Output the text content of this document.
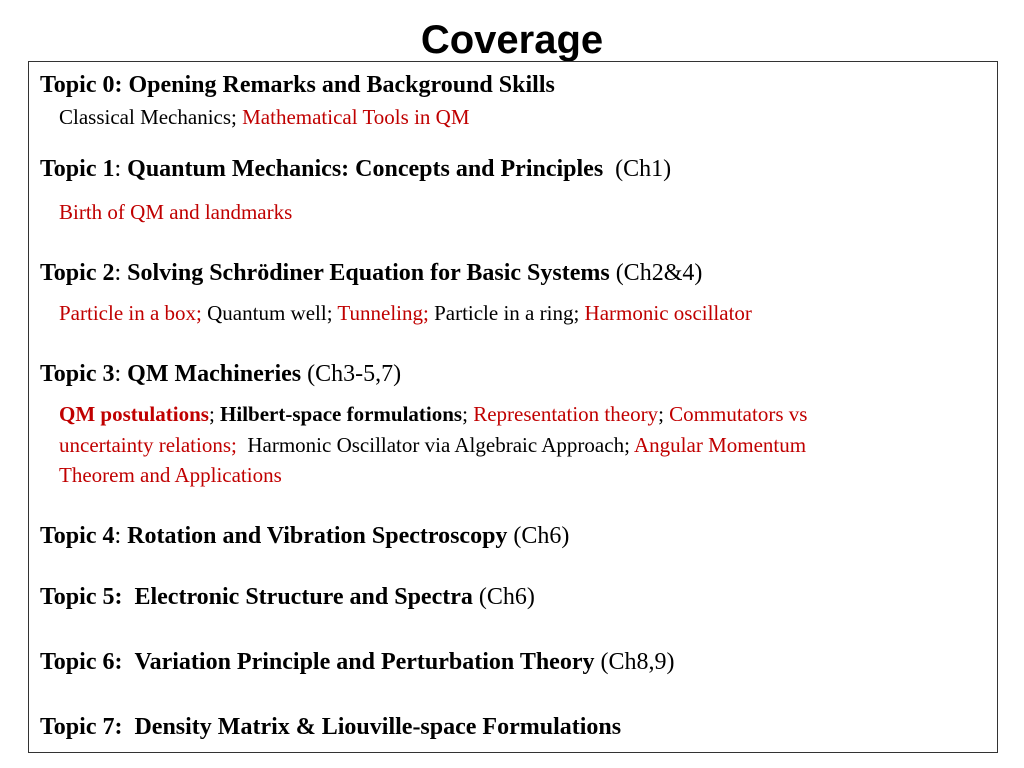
Coverage
Topic 0: Opening Remarks and Background Skills
Classical Mechanics; Mathematical Tools in QM
Topic 1: Quantum Mechanics: Concepts and Principles  (Ch1)
Birth of QM and landmarks
Topic 2: Solving Schrödiner Equation for Basic Systems (Ch2&4)
Particle in a box; Quantum well; Tunneling; Particle in a ring; Harmonic oscillator
Topic 3: QM Machineries (Ch3-5,7)
QM postulations; Hilbert-space formulations; Representation theory; Commutators vs
uncertainty relations;  Harmonic Oscillator via Algebraic Approach; Angular Momentum
Theorem and Applications
Topic 4: Rotation and Vibration Spectroscopy (Ch6)
Topic 5: Electronic Structure and Spectra (Ch6)
Topic 6: Variation Principle and Perturbation Theory (Ch8,9)
Topic 7: Density Matrix & Liouville-space Formulations
